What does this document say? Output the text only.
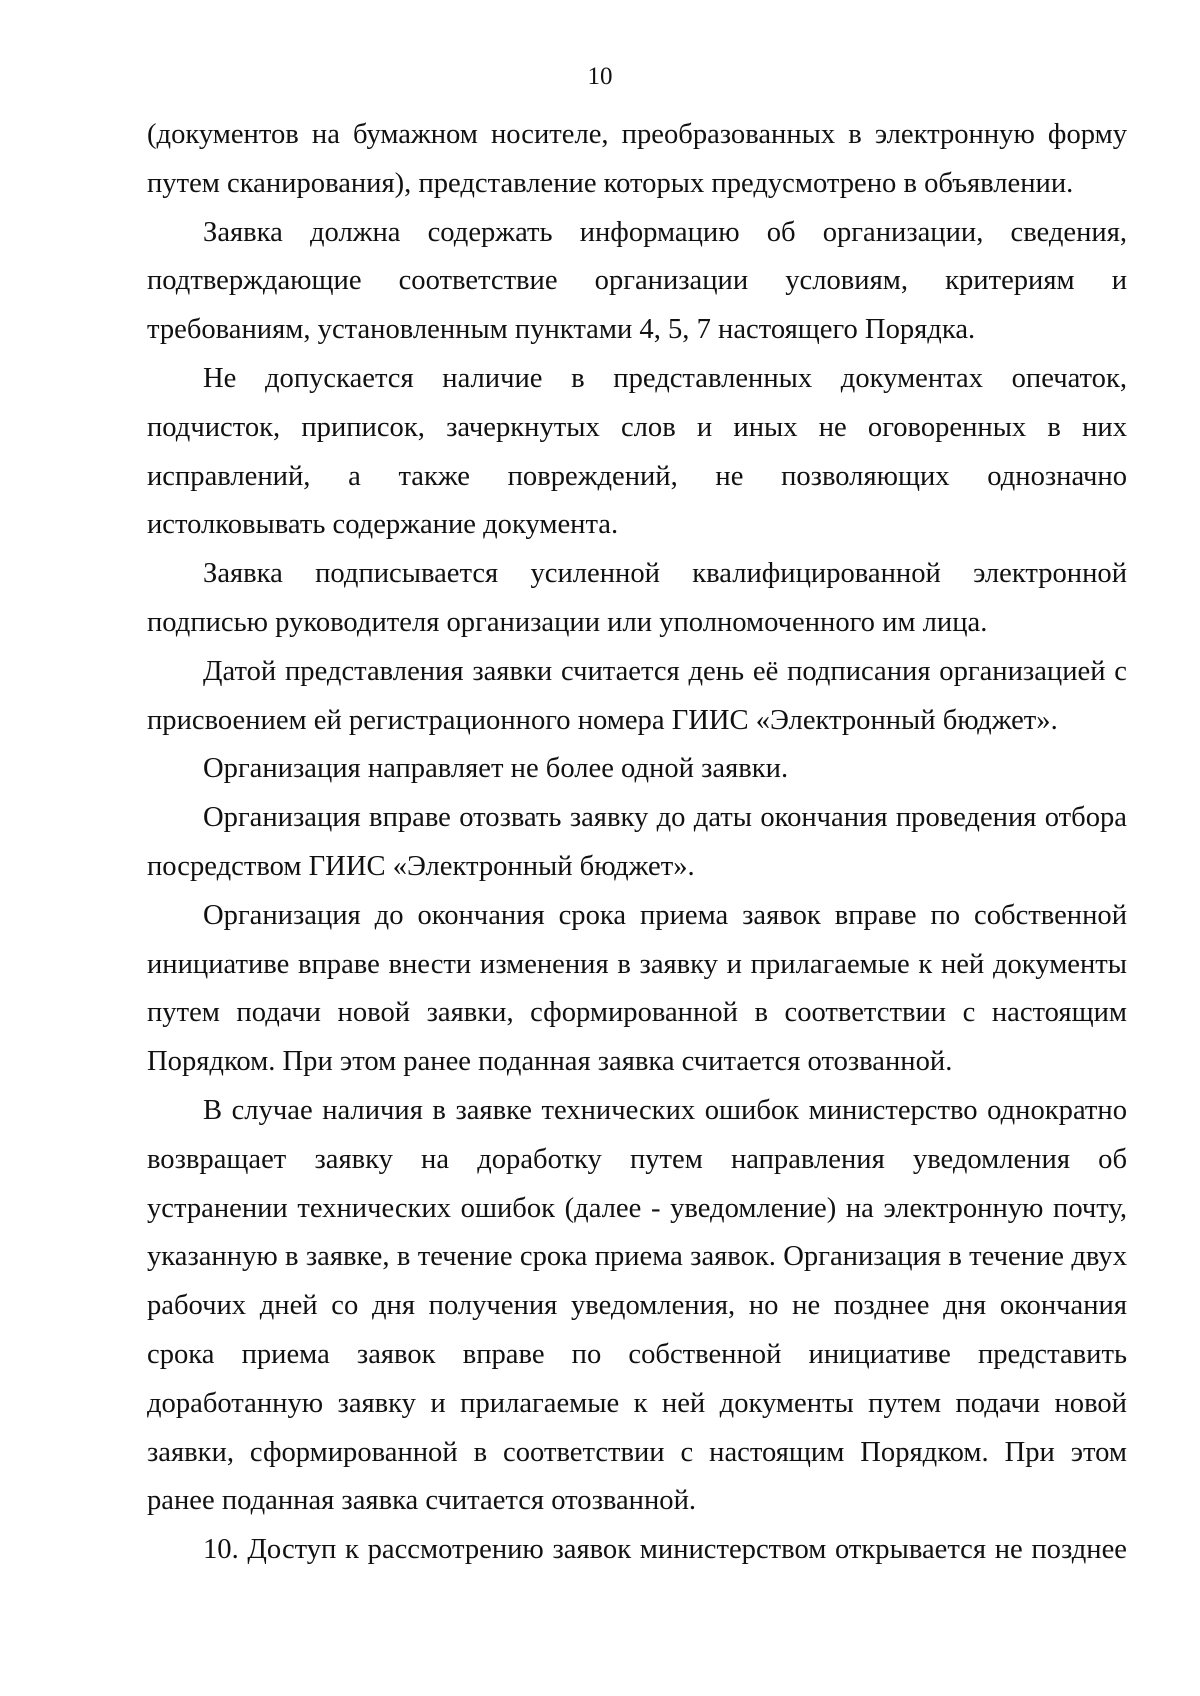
10

(документов на бумажном носителе, преобразованных в электронную форму путем сканирования), представление которых предусмотрено в объявлении.

Заявка должна содержать информацию об организации, сведения, подтверждающие соответствие организации условиям, критериям и требованиям, установленным пунктами 4, 5, 7 настоящего Порядка.

Не допускается наличие в представленных документах опечаток, подчисток, приписок, зачеркнутых слов и иных не оговоренных в них исправлений, а также повреждений, не позволяющих однозначно истолковывать содержание документа.

Заявка подписывается усиленной квалифицированной электронной подписью руководителя организации или уполномоченного им лица.

Датой представления заявки считается день её подписания организацией с присвоением ей регистрационного номера ГИИС «Электронный бюджет».

Организация направляет не более одной заявки.

Организация вправе отозвать заявку до даты окончания проведения отбора посредством ГИИС «Электронный бюджет».

Организация до окончания срока приема заявок вправе по собственной инициативе вправе внести изменения в заявку и прилагаемые к ней документы путем подачи новой заявки, сформированной в соответствии с настоящим Порядком. При этом ранее поданная заявка считается отозванной.

В случае наличия в заявке технических ошибок министерство однократно возвращает заявку на доработку путем направления уведомления об устранении технических ошибок (далее - уведомление) на электронную почту, указанную в заявке, в течение срока приема заявок. Организация в течение двух рабочих дней со дня получения уведомления, но не позднее дня окончания срока приема заявок вправе по собственной инициативе представить доработанную заявку и прилагаемые к ней документы путем подачи новой заявки, сформированной в соответствии с настоящим Порядком. При этом ранее поданная заявка считается отозванной.

10. Доступ к рассмотрению заявок министерством открывается не позднее
